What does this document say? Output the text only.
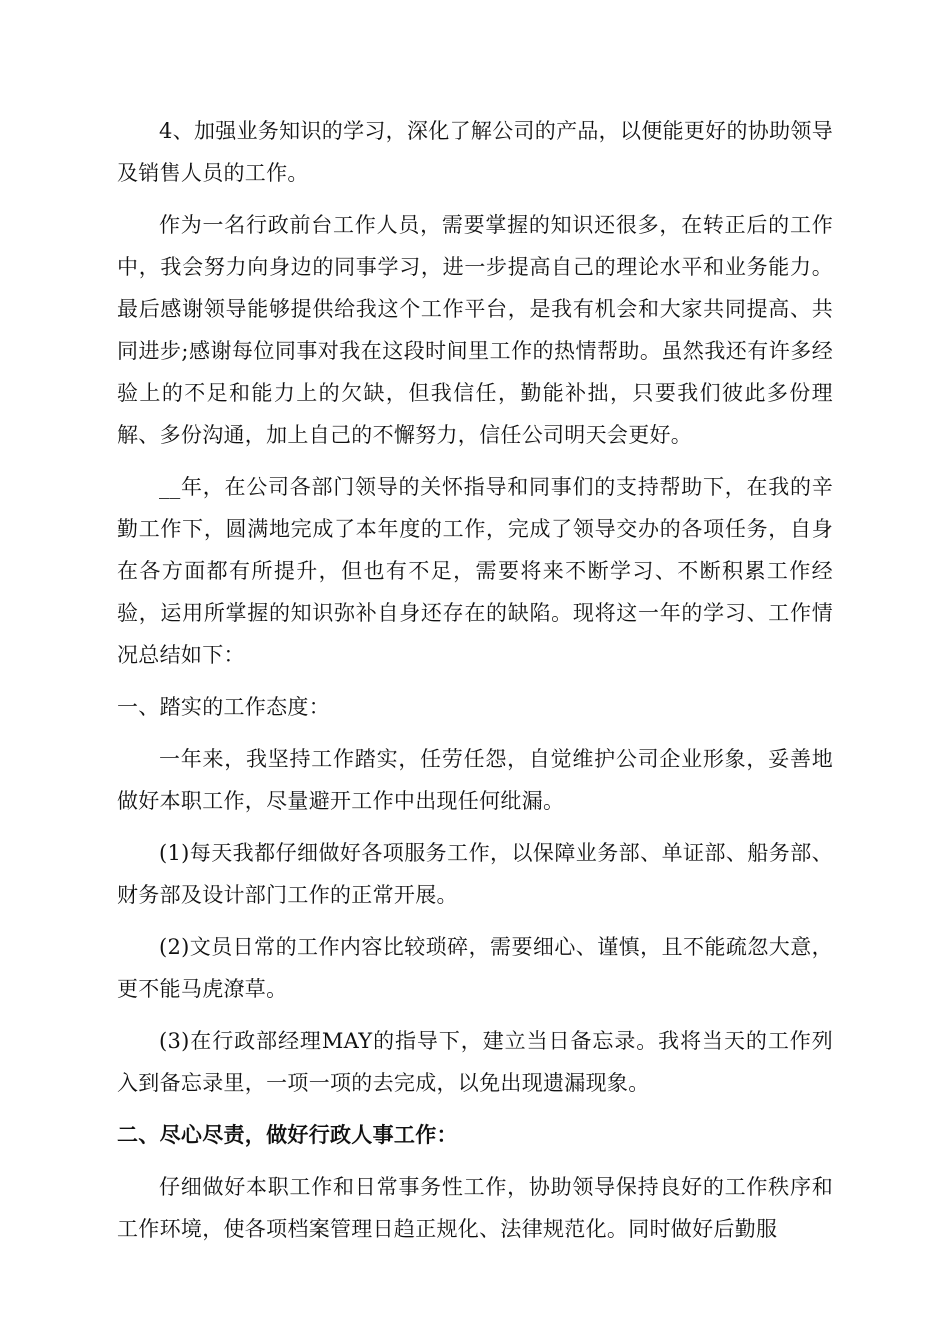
4、加强业务知识的学习，深化了解公司的产品，以便能更好的协助领导及销售人员的工作。

作为一名行政前台工作人员，需要掌握的知识还很多，在转正后的工作中，我会努力向身边的同事学习，进一步提高自己的理论水平和业务能力。最后感谢领导能够提供给我这个工作平台，是我有机会和大家共同提高、共同进步;感谢每位同事对我在这段时间里工作的热情帮助。虽然我还有许多经验上的不足和能力上的欠缺，但我信任，勤能补拙，只要我们彼此多份理解、多份沟通，加上自己的不懈努力，信任公司明天会更好。

__年，在公司各部门领导的关怀指导和同事们的支持帮助下，在我的辛勤工作下，圆满地完成了本年度的工作，完成了领导交办的各项任务，自身在各方面都有所提升，但也有不足，需要将来不断学习、不断积累工作经验，运用所掌握的知识弥补自身还存在的缺陷。现将这一年的学习、工作情况总结如下：

一、踏实的工作态度：

一年来，我坚持工作踏实，任劳任怨，自觉维护公司企业形象，妥善地做好本职工作，尽量避开工作中出现任何纰漏。

(1)每天我都仔细做好各项服务工作，以保障业务部、单证部、船务部、财务部及设计部门工作的正常开展。

(2)文员日常的工作内容比较琐碎，需要细心、谨慎，且不能疏忽大意，更不能马虎潦草。

(3)在行政部经理MAY的指导下，建立当日备忘录。我将当天的工作列入到备忘录里，一项一项的去完成，以免出现遗漏现象。

二、尽心尽责，做好行政人事工作：

仔细做好本职工作和日常事务性工作，协助领导保持良好的工作秩序和工作环境，使各项档案管理日趋正规化、法律规范化。同时做好后勤服
